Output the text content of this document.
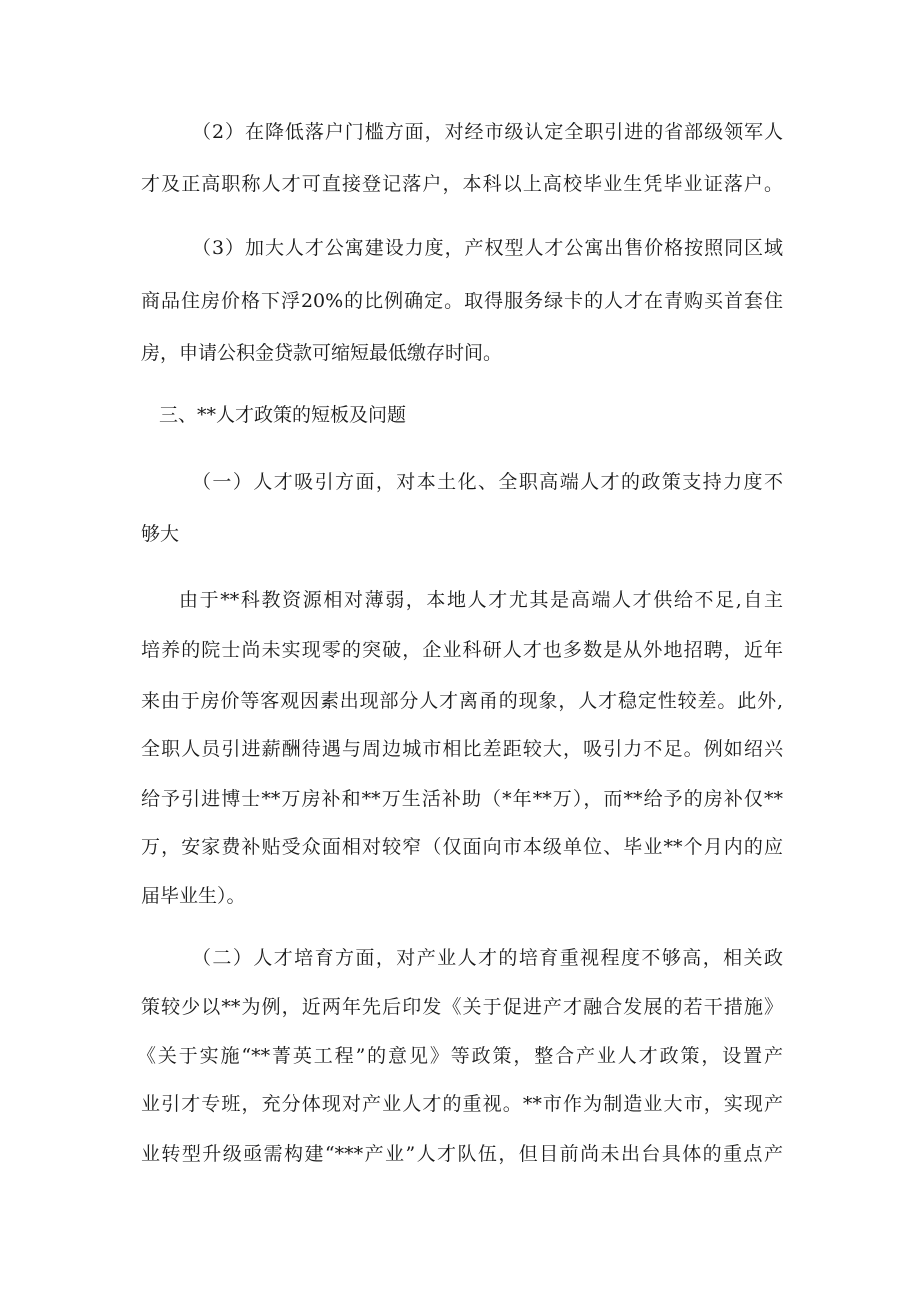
（2）在降低落户门槛方面，对经市级认定全职引进的省部级领军人
才及正高职称人才可直接登记落户，本科以上高校毕业生凭毕业证落户。
（3）加大人才公寓建设力度，产权型人才公寓出售价格按照同区域
商品住房价格下浮20%的比例确定。取得服务绿卡的人才在青购买首套住
房，申请公积金贷款可缩短最低缴存时间。
三、**人才政策的短板及问题
（一）人才吸引方面，对本土化、全职高端人才的政策支持力度不
够大
由于**科教资源相对薄弱，本地人才尤其是高端人才供给不足,自主
培养的院士尚未实现零的突破，企业科研人才也多数是从外地招聘，近年
来由于房价等客观因素出现部分人才离甬的现象，人才稳定性较差。此外,
全职人员引进薪酬待遇与周边城市相比差距较大，吸引力不足。例如绍兴
给予引进博士**万房补和**万生活补助（*年**万），而**给予的房补仅**
万，安家费补贴受众面相对较窄（仅面向市本级单位、毕业**个月内的应
届毕业生）。
（二）人才培育方面，对产业人才的培育重视程度不够高，相关政
策较少以**为例，近两年先后印发《关于促进产才融合发展的若干措施》
《关于实施“**菁英工程”的意见》等政策，整合产业人才政策，设置产
业引才专班，充分体现对产业人才的重视。**市作为制造业大市，实现产
业转型升级亟需构建“***产业”人才队伍，但目前尚未出台具体的重点产
